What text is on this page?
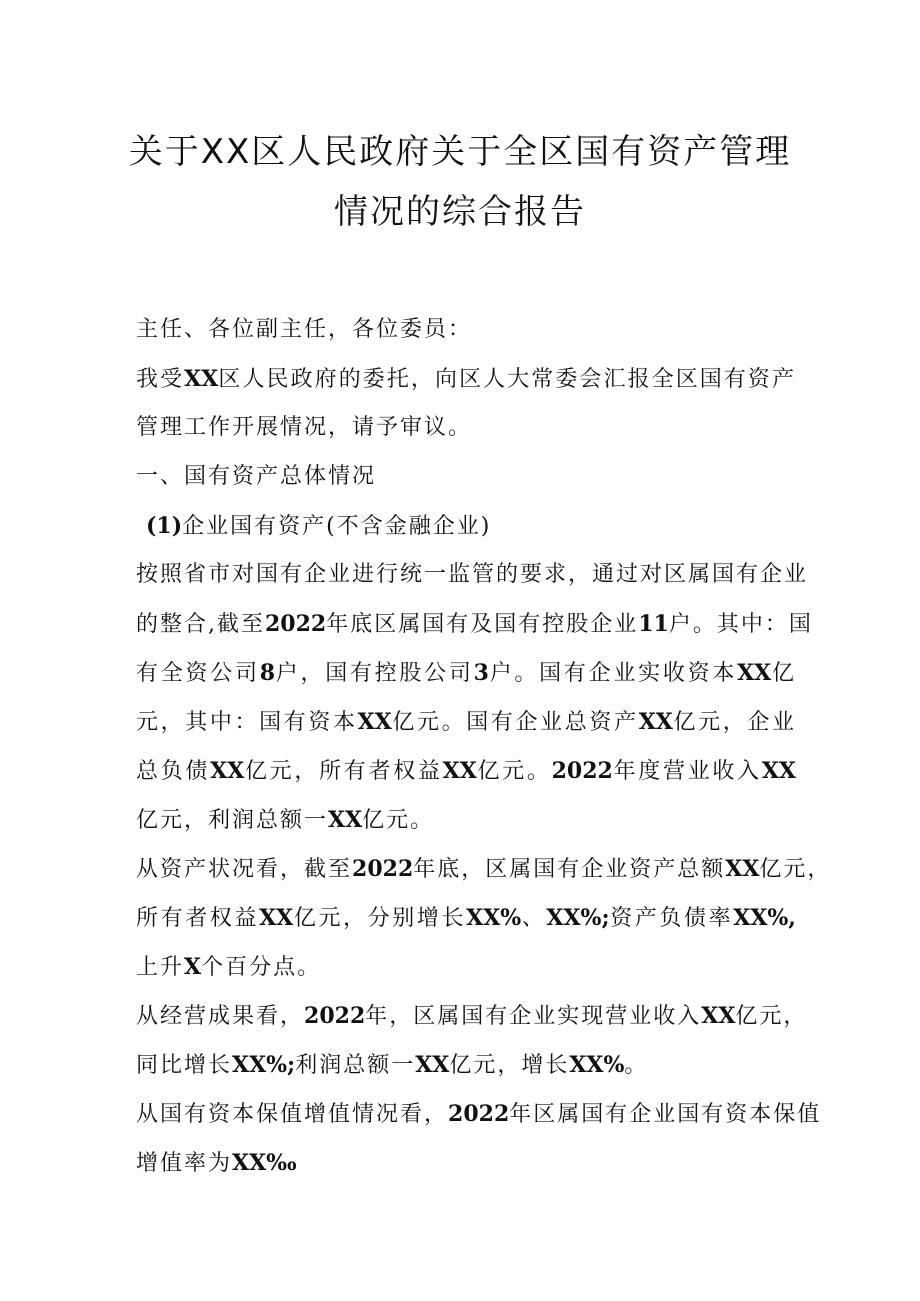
关于XX区人民政府关于全区国有资产管理
情况的综合报告
主任、各位副主任，各位委员：
我受XX区人民政府的委托，向区人大常委会汇报全区国有资产
管理工作开展情况，请予审议。
一、国有资产总体情况
(1)企业国有资产(不含金融企业)
按照省市对国有企业进行统一监管的要求，通过对区属国有企业
的整合,截至2022年底区属国有及国有控股企业11户。其中：国
有全资公司8户，国有控股公司3户。国有企业实收资本XX亿
元，其中：国有资本XX亿元。国有企业总资产XX亿元，企业
总负债XX亿元，所有者权益XX亿元。2022年度营业收入XX
亿元，利润总额一XX亿元。
从资产状况看，截至2022年底，区属国有企业资产总额XX亿元，
所有者权益XX亿元，分别增长XX%、XX%;资产负债率XX%,
上升X个百分点。
从经营成果看，2022年，区属国有企业实现营业收入XX亿元，
同比增长XX%;利润总额一XX亿元，增长XX%。
从国有资本保值增值情况看，2022年区属国有企业国有资本保值
增值率为XX‰
